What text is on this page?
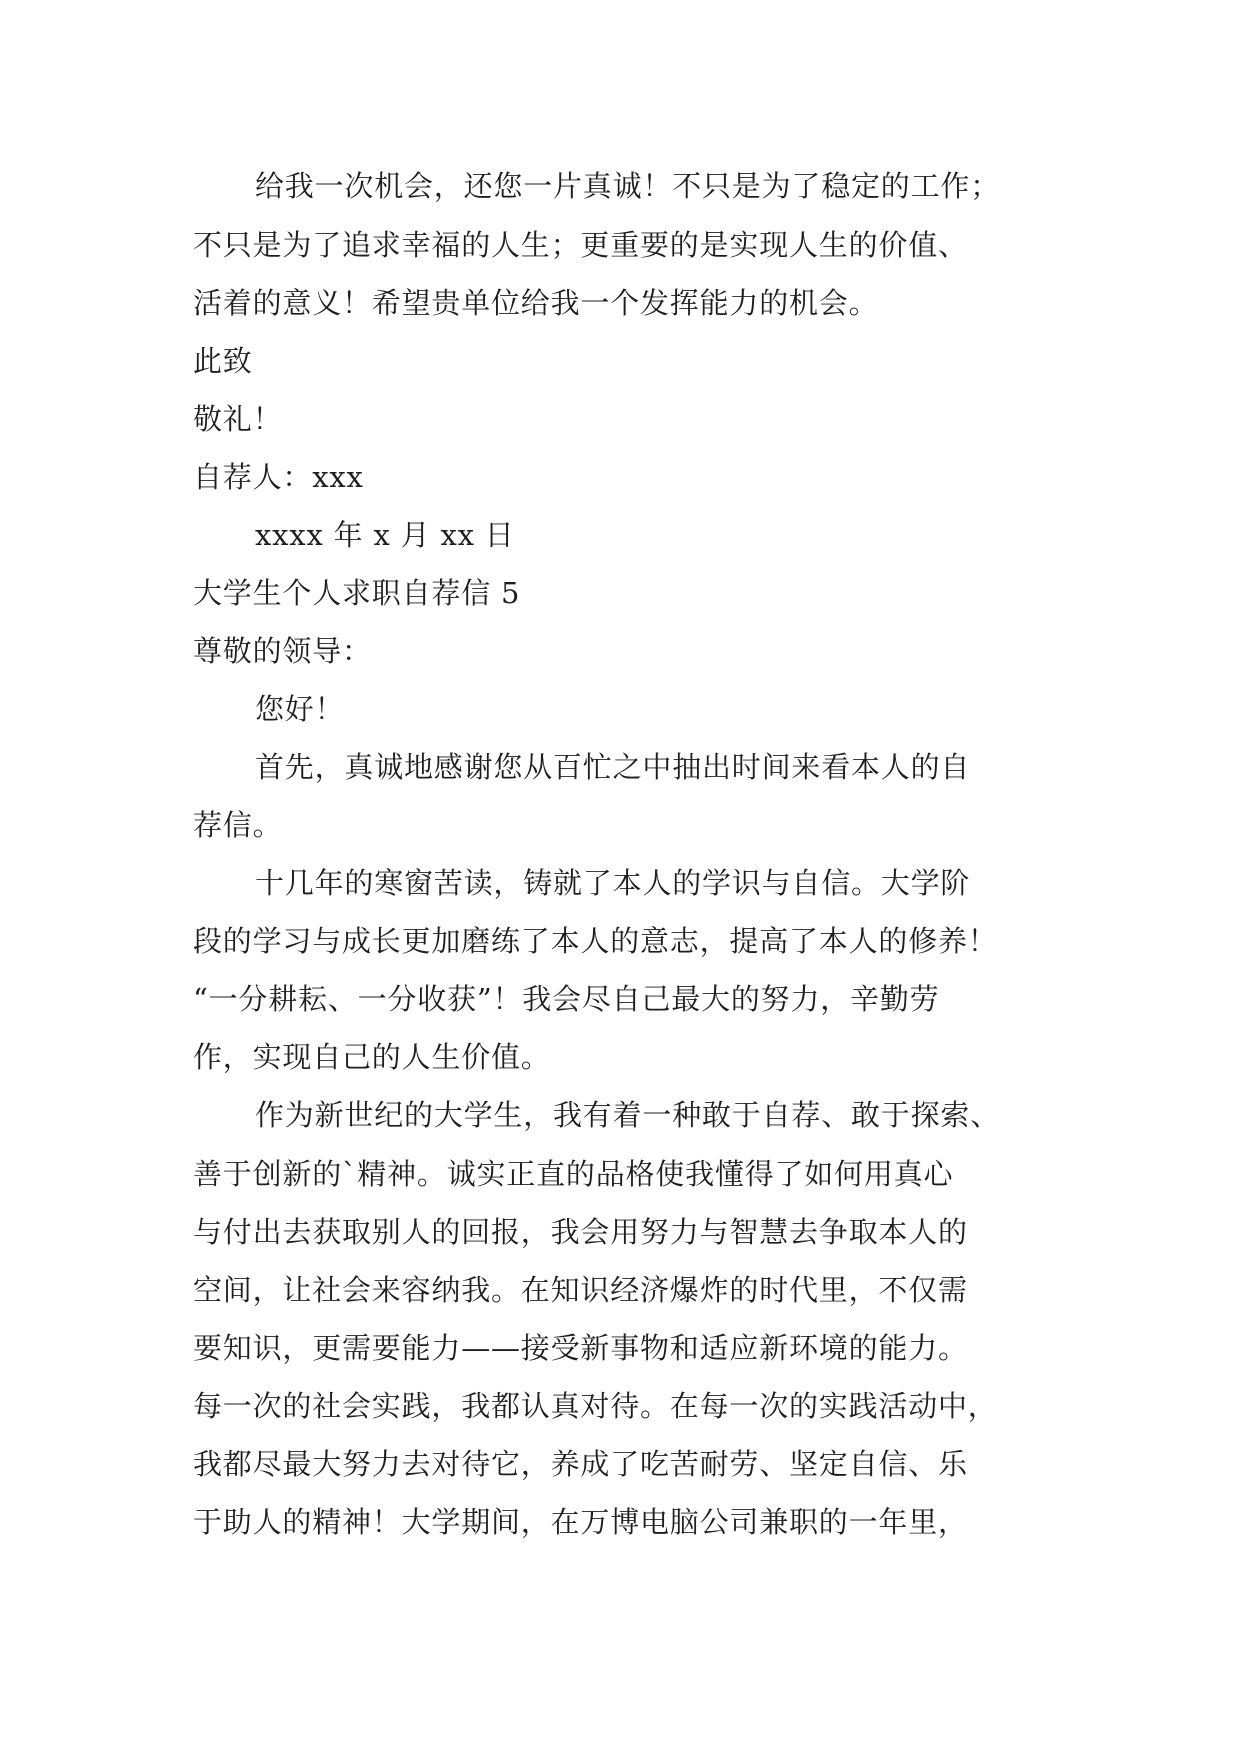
给我一次机会，还您一片真诚！不只是为了稳定的工作；
不只是为了追求幸福的人生；更重要的是实现人生的价值、
活着的意义！希望贵单位给我一个发挥能力的机会。
此致
敬礼！
自荐人：xxx
xxxx 年 x 月 xx 日
大学生个人求职自荐信 5
尊敬的领导：
您好！
首先，真诚地感谢您从百忙之中抽出时间来看本人的自
荐信。
十几年的寒窗苦读，铸就了本人的学识与自信。大学阶
段的学习与成长更加磨练了本人的意志，提高了本人的修养！
“一分耕耘、一分收获”！我会尽自己最大的努力，辛勤劳
作，实现自己的人生价值。
作为新世纪的大学生，我有着一种敢于自荐、敢于探索、
善于创新的`精神。诚实正直的品格使我懂得了如何用真心
与付出去获取别人的回报，我会用努力与智慧去争取本人的
空间，让社会来容纳我。在知识经济爆炸的时代里，不仅需
要知识，更需要能力——接受新事物和适应新环境的能力。
每一次的社会实践，我都认真对待。在每一次的实践活动中，
我都尽最大努力去对待它，养成了吃苦耐劳、坚定自信、乐
于助人的精神！大学期间，在万博电脑公司兼职的一年里，
